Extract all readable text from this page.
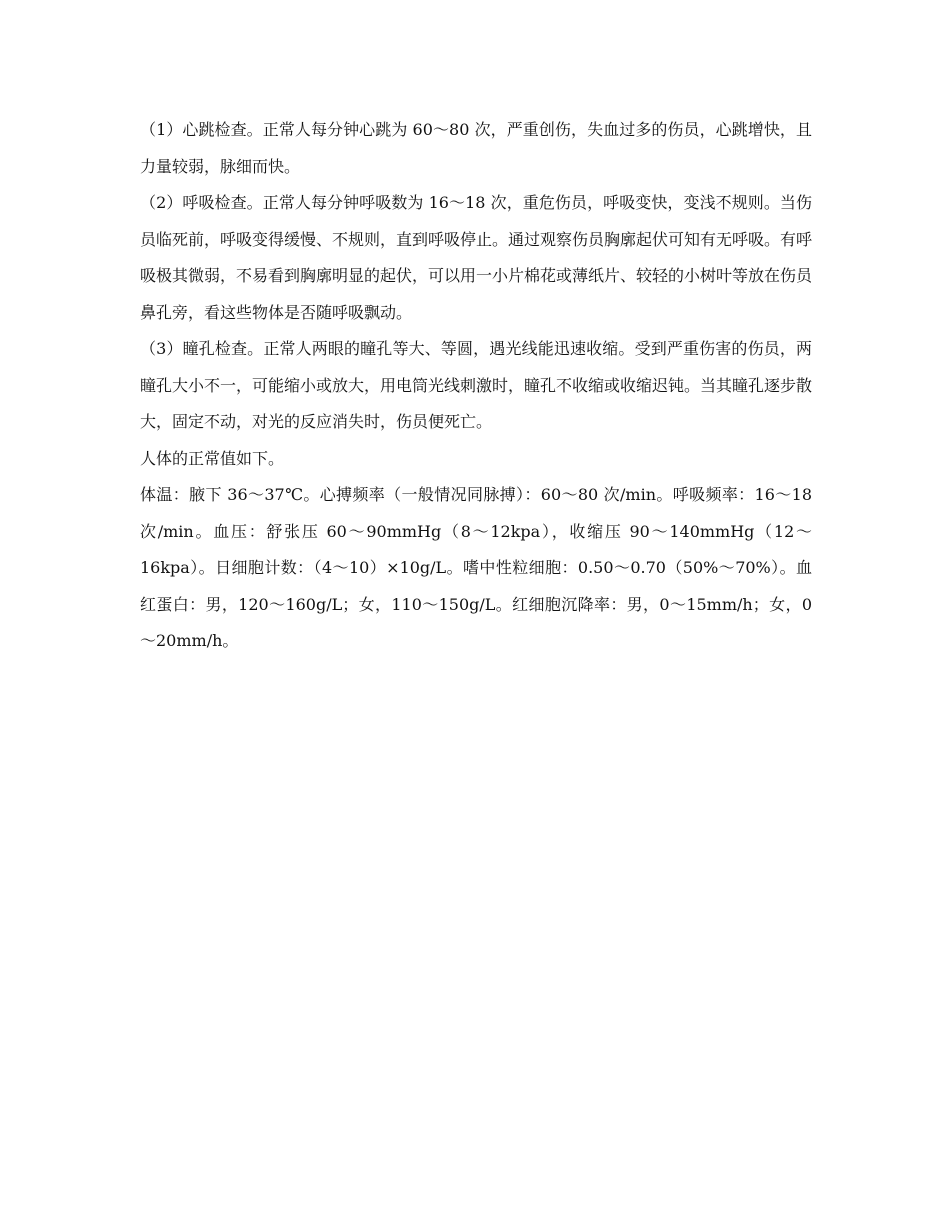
（1）心跳检查。正常人每分钟心跳为 60～80 次，严重创伤，失血过多的伤员，心跳增快，且力量较弱，脉细而快。

（2）呼吸检查。正常人每分钟呼吸数为 16～18 次，重危伤员，呼吸变快，变浅不规则。当伤员临死前，呼吸变得缓慢、不规则，直到呼吸停止。通过观察伤员胸廓起伏可知有无呼吸。有呼吸极其微弱，不易看到胸廓明显的起伏，可以用一小片棉花或薄纸片、较轻的小树叶等放在伤员鼻孔旁，看这些物体是否随呼吸飘动。

（3）瞳孔检查。正常人两眼的瞳孔等大、等圆，遇光线能迅速收缩。受到严重伤害的伤员，两瞳孔大小不一，可能缩小或放大，用电筒光线刺激时，瞳孔不收缩或收缩迟钝。当其瞳孔逐步散大，固定不动，对光的反应消失时，伤员便死亡。

人体的正常值如下。

体温：腋下 36～37℃。心搏频率（一般情况同脉搏）：60～80 次/min。呼吸频率：16～18 次/min。血压：舒张压 60～90mmHg（8～12kpa），收缩压 90～140mmHg（12～16kpa）。日细胞计数：（4～10）×10g/L。嗜中性粒细胞：0.50～0.70（50%～70%）。血红蛋白：男，120～160g/L；女，110～150g/L。红细胞沉降率：男，0～15mm/h；女，0～20mm/h。
